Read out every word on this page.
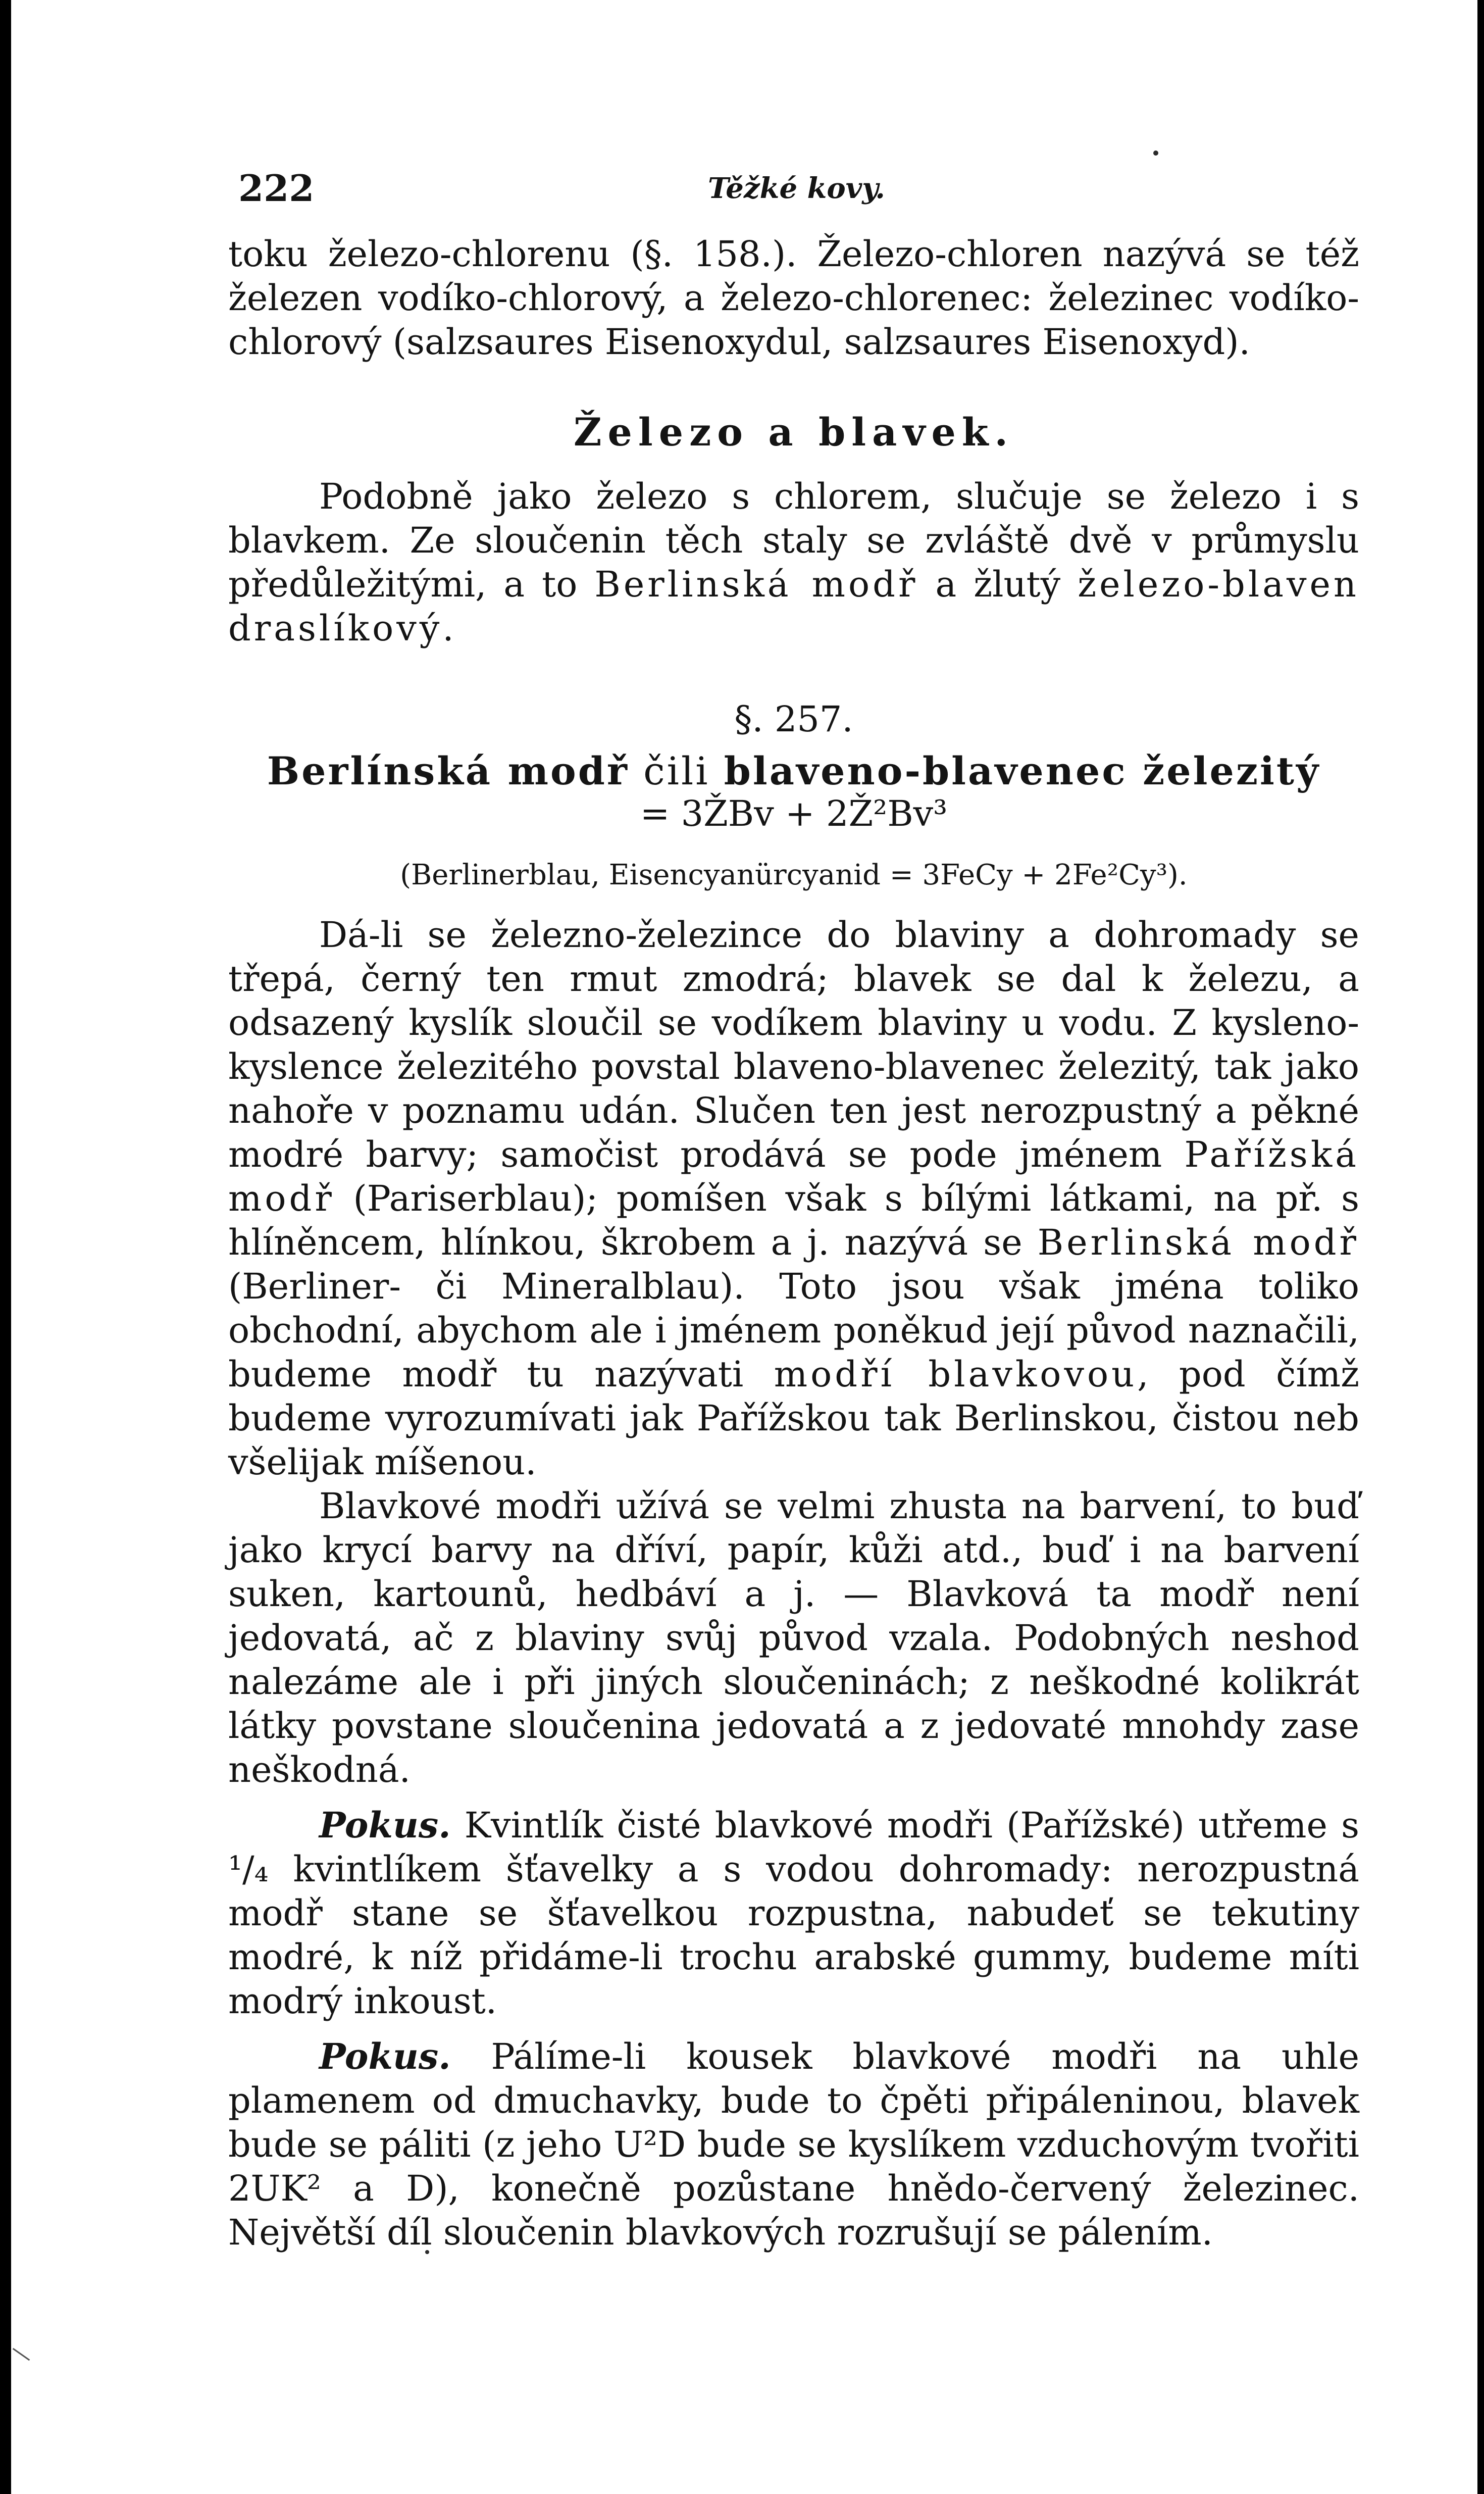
222	Těžké kovy.

toku železo-chlorenu (§. 158.). Železo-chloren nazývá se též železen vodíko-chlorový, a železo-chlorenec: železinec vodíko-chlorový (salzsaures Eisenoxydul, salzsaures Eisenoxyd).

Železo a blavek.

Podobně jako železo s chlorem, slučuje se železo i s blavkem. Ze sloučenin těch staly se zvláště dvě v průmyslu předůležitými, a to Berlinská modř a žlutý železo-blaven draslíkový.

§. 257.
Berlínská modř čili blaveno-blavenec železitý
= 3ŽBv + 2Ž²Bv³
(Berlinerblau, Eisencyanürcyanid = 3FeCy + 2Fe²Cy³).

Dá-li se železno-železince do blaviny a dohromady se třepá, černý ten rmut zmodrá; blavek se dal k železu, a odsazený kyslík sloučil se vodíkem blaviny u vodu. Z kysleno-kyslence železitého povstal blaveno-blavenec železitý, tak jako nahoře v poznamu udán. Slučen ten jest nerozpustný a pěkné modré barvy; samočist prodává se pode jménem Pařížská modř (Pariserblau); pomíšen však s bílými látkami, na př. s hlíněncem, hlínkou, škrobem a j. nazývá se Berlinská modř (Berliner- či Mineralblau). Toto jsou však jména toliko obchodní, abychom ale i jménem poněkud její původ naznačili, budeme modř tu nazývati modří blavkovou, pod čímž budeme vyrozumívati jak Pařížskou tak Berlinskou, čistou neb všelijak míšenou.

Blavkové modři užívá se velmi zhusta na barvení, to buď jako krycí barvy na dříví, papír, kůži atd., buď i na barvení suken, kartounů, hedbáví a j. — Blavková ta modř není jedovatá, ač z blaviny svůj původ vzala. Podobných neshod nalezáme ale i při jiných sloučeninách; z neškodné kolikrát látky povstane sloučenina jedovatá a z jedovaté mnohdy zase neškodná.

Pokus. Kvintlík čisté blavkové modři (Pařížské) utřeme s ¹/₄ kvintlíkem šťavelky a s vodou dohromady: nerozpustná modř stane se šťavelkou rozpustna, nabudeť se tekutiny modré, k níž přidáme-li trochu arabské gummy, budeme míti modrý inkoust.

Pokus. Pálíme-li kousek blavkové modři na uhle plamenem od dmuchavky, bude to čpěti připáleninou, blavek bude se páliti (z jeho U²D bude se kyslíkem vzduchovým tvořiti 2UK² a D), konečně pozůstane hnědo-červený železinec. Největší díl sloučenin blavkových rozrušují se pálením.
